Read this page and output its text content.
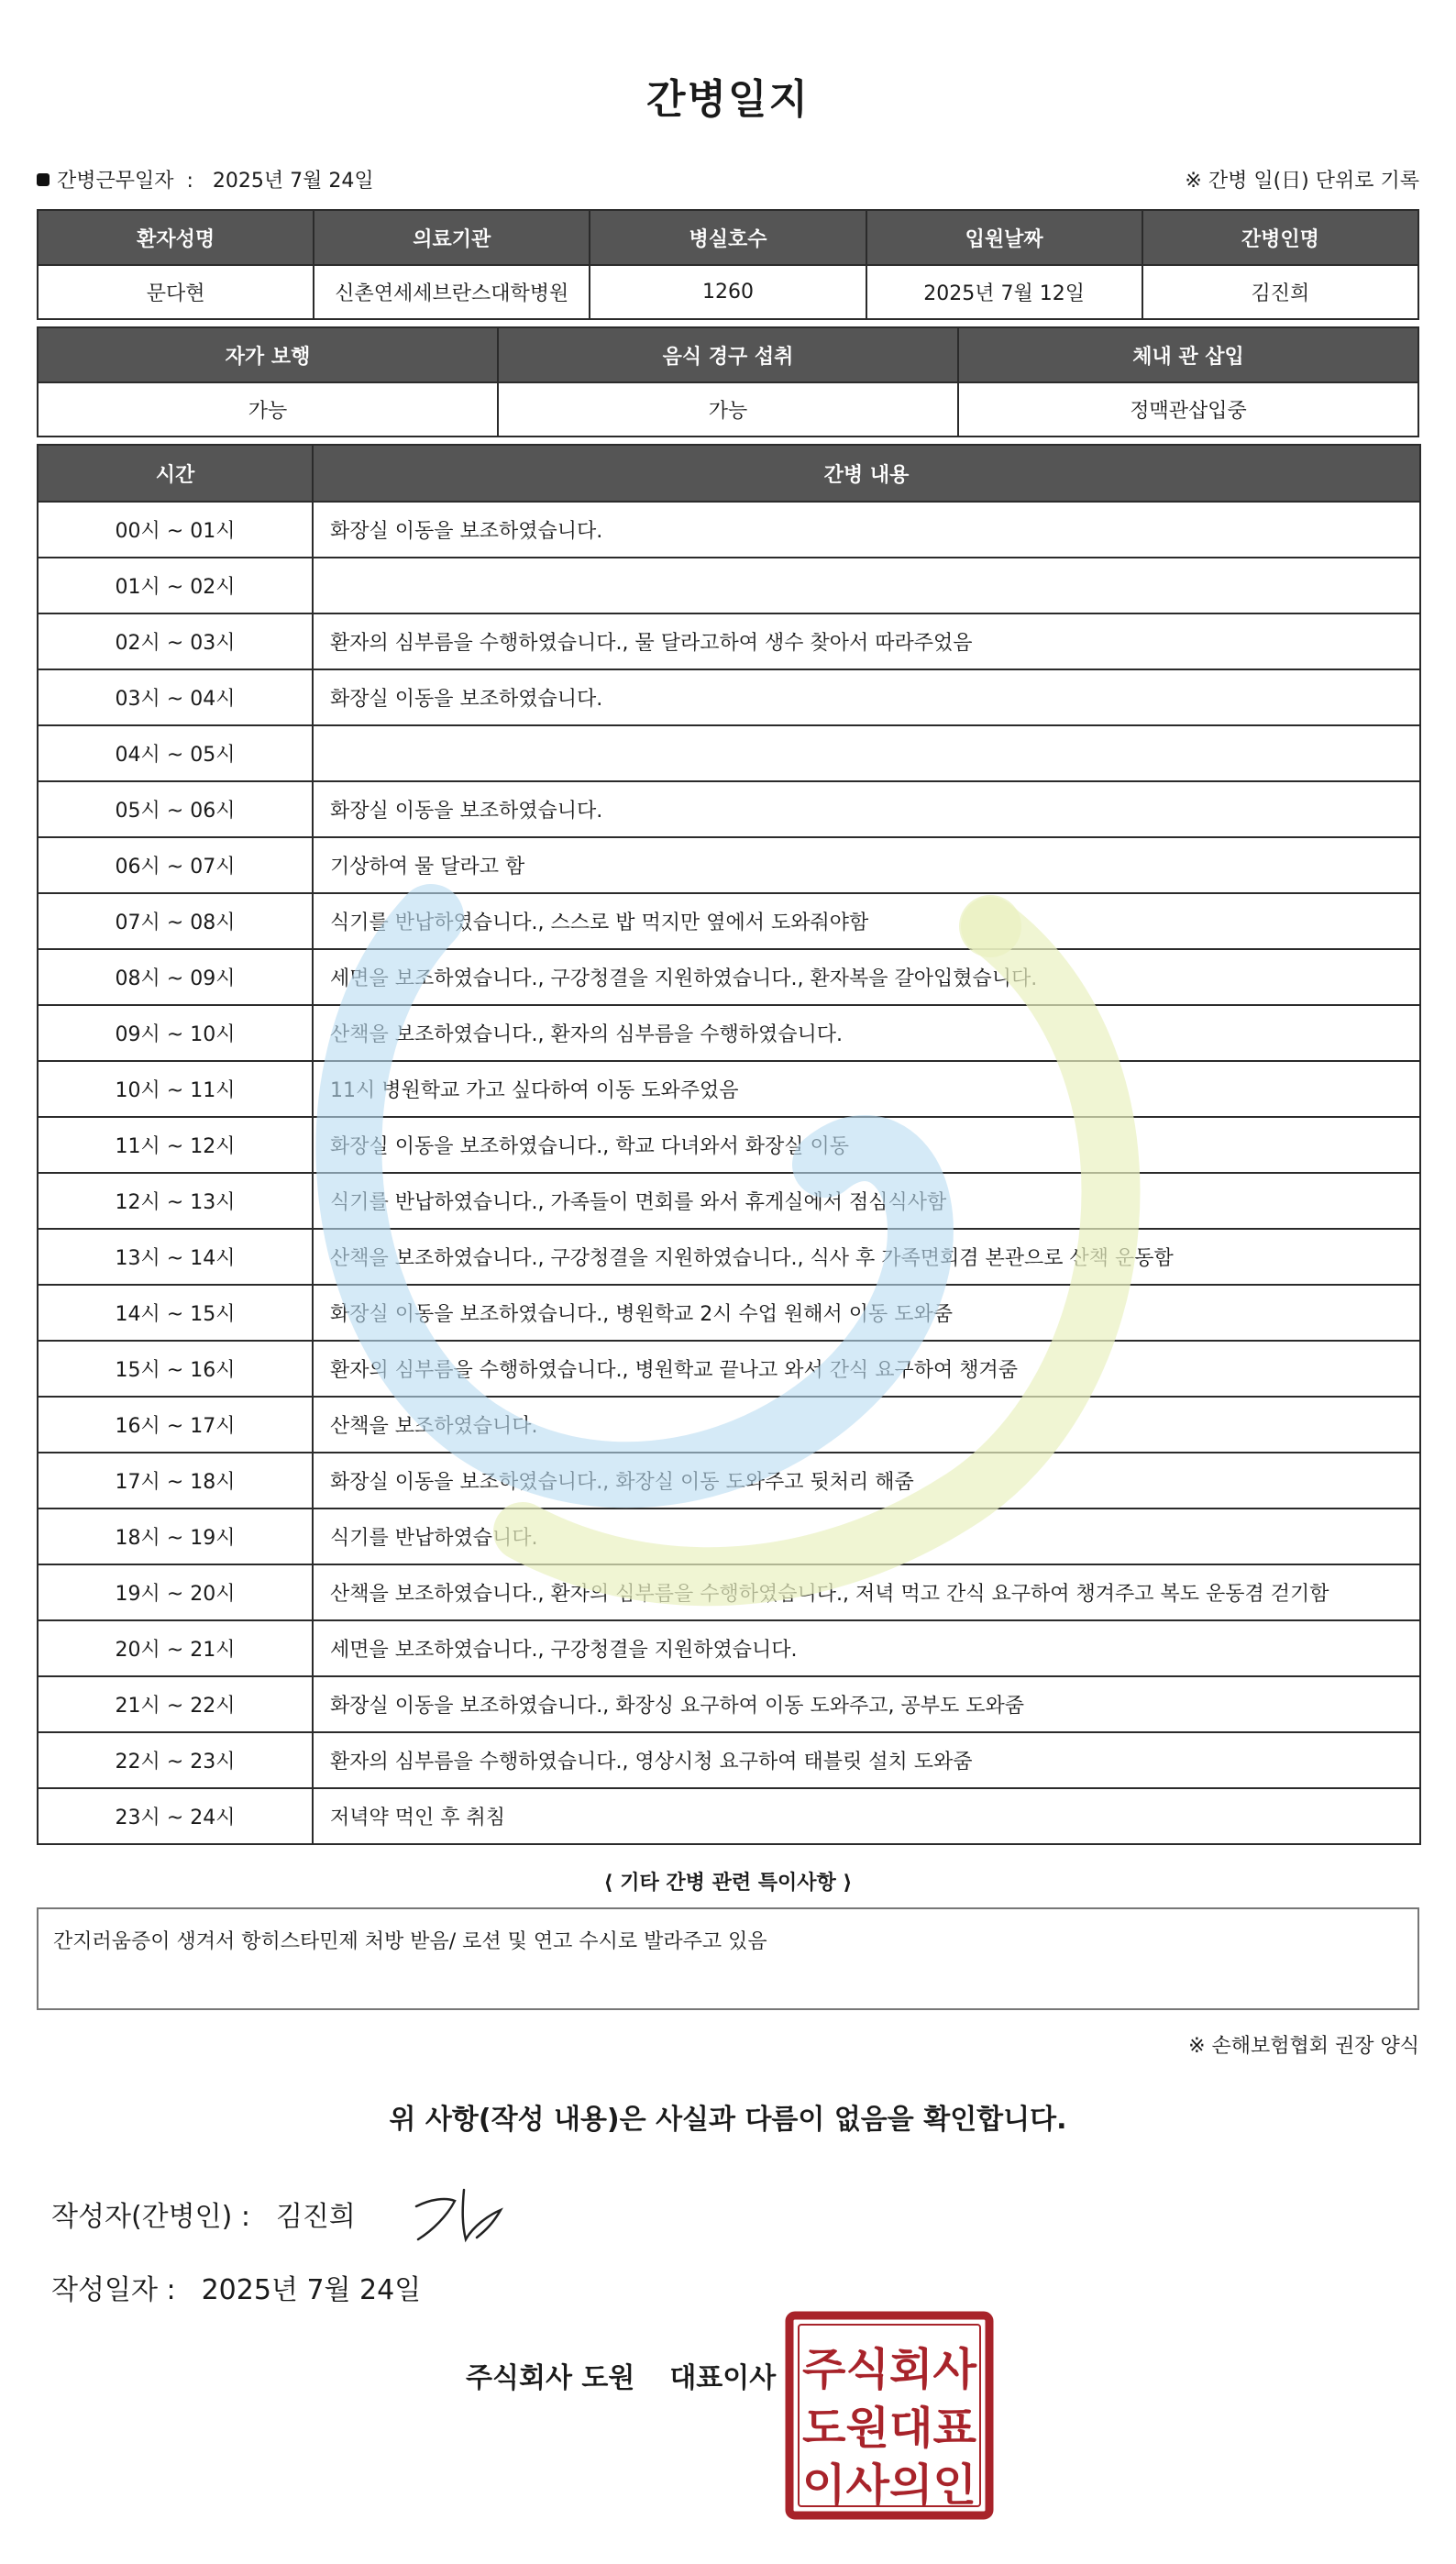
간병일지
간병근무일자 : 2025년 7월 24일	※ 간병 일(日) 단위로 기록
환자성명	의료기관	병실호수	입원날짜	간병인명
문다현	신촌연세세브란스대학병원	1260	2025년 7월 12일	김진희
자가 보행	음식 경구 섭취	체내 관 삽입
가능	가능	정맥관삽입중
시간	간병 내용
00시 ~ 01시	화장실 이동을 보조하였습니다.
01시 ~ 02시	
02시 ~ 03시	환자의 심부름을 수행하였습니다., 물 달라고하여 생수 찾아서 따라주었음
03시 ~ 04시	화장실 이동을 보조하였습니다.
04시 ~ 05시	
05시 ~ 06시	화장실 이동을 보조하였습니다.
06시 ~ 07시	기상하여 물 달라고 함
07시 ~ 08시	식기를 반납하였습니다., 스스로 밥 먹지만 옆에서 도와줘야함
08시 ~ 09시	세면을 보조하였습니다., 구강청결을 지원하였습니다., 환자복을 갈아입혔습니다.
09시 ~ 10시	산책을 보조하였습니다., 환자의 심부름을 수행하였습니다.
10시 ~ 11시	11시 병원학교 가고 싶다하여 이동 도와주었음
11시 ~ 12시	화장실 이동을 보조하였습니다., 학교 다녀와서 화장실 이동
12시 ~ 13시	식기를 반납하였습니다., 가족들이 면회를 와서 휴게실에서 점심식사함
13시 ~ 14시	산책을 보조하였습니다., 구강청결을 지원하였습니다., 식사 후 가족면회겸 본관으로 산책 운동함
14시 ~ 15시	화장실 이동을 보조하였습니다., 병원학교 2시 수업 원해서 이동 도와줌
15시 ~ 16시	환자의 심부름을 수행하였습니다., 병원학교 끝나고 와서 간식 요구하여 챙겨줌
16시 ~ 17시	산책을 보조하였습니다.
17시 ~ 18시	화장실 이동을 보조하였습니다., 화장실 이동 도와주고 뒷처리 해줌
18시 ~ 19시	식기를 반납하였습니다.
19시 ~ 20시	산책을 보조하였습니다., 환자의 심부름을 수행하였습니다., 저녁 먹고 간식 요구하여 챙겨주고 복도 운동겸 걷기함
20시 ~ 21시	세면을 보조하였습니다., 구강청결을 지원하였습니다.
21시 ~ 22시	화장실 이동을 보조하였습니다., 화장싱 요구하여 이동 도와주고, 공부도 도와줌
22시 ~ 23시	환자의 심부름을 수행하였습니다., 영상시청 요구하여 태블릿 설치 도와줌
23시 ~ 24시	저녁약 먹인 후 취침
⟨ 기타 간병 관련 특이사항 ⟩
간지러움증이 생겨서 항히스타민제 처방 받음/ 로션 및 연고 수시로 발라주고 있음
※ 손해보험협회 권장 양식
위 사항(작성 내용)은 사실과 다름이 없음을 확인합니다.
작성자(간병인) : 김진희
작성일자 : 2025년 7월 24일
주식회사 도원 대표이사 주식회사
도원대표
이사의인
